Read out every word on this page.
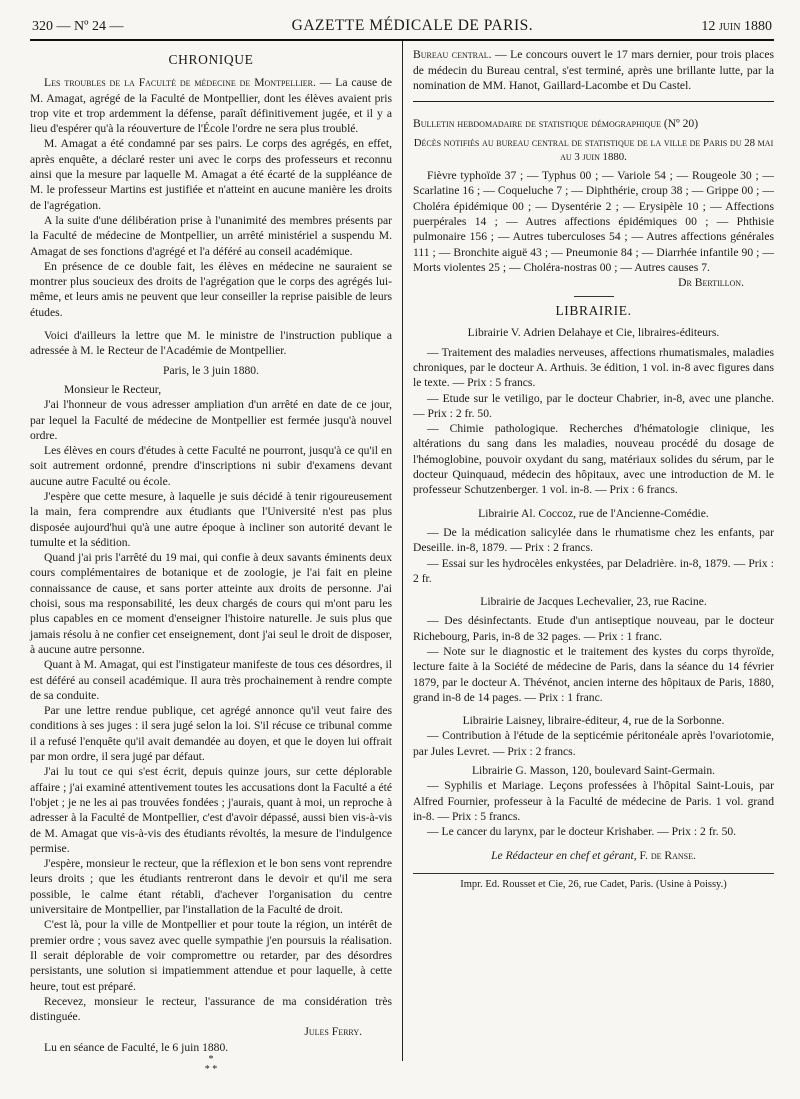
320 — Nº 24 —	GAZETTE MÉDICALE DE PARIS.	12 juin 1880
CHRONIQUE

Les troubles de la Faculté de médecine de Montpellier. — La cause de M. Amagat, agrégé de la Faculté de Montpellier, dont les élèves avaient pris trop vite et trop ardemment la défense, paraît définitivement jugée, et il y a lieu d'espérer qu'à la réouverture de l'École l'ordre ne sera plus troublé.

M. Amagat a été condamné par ses pairs. Le corps des agrégés, en effet, après enquête, a déclaré rester uni avec le corps des professeurs et reconnu ainsi que la mesure par laquelle M. Amagat a été écarté de la suppléance de M. le professeur Martins est justifiée et n'atteint en aucune manière les droits de l'agrégation.

A la suite d'une délibération prise à l'unanimité des membres présents par la Faculté de médecine de Montpellier, un arrêté ministériel a suspendu M. Amagat de ses fonctions d'agrégé et l'a déféré au conseil académique.

En présence de ce double fait, les élèves en médecine ne sauraient se montrer plus soucieux des droits de l'agrégation que le corps des agrégés lui-même, et leurs amis ne peuvent que leur conseiller la reprise paisible de leurs études.

Voici d'ailleurs la lettre que M. le ministre de l'instruction publique a adressée à M. le Recteur de l'Académie de Montpellier.

Paris, le 3 juin 1880.

Monsieur le Recteur,

J'ai l'honneur de vous adresser ampliation d'un arrêté en date de ce jour, par lequel la Faculté de médecine de Montpellier est fermée jusqu'à nouvel ordre.

Les élèves en cours d'études à cette Faculté ne pourront, jusqu'à ce qu'il en soit autrement ordonné, prendre d'inscriptions ni subir d'examens devant aucune autre Faculté ou école.

J'espère que cette mesure, à laquelle je suis décidé à tenir rigoureusement la main, fera comprendre aux étudiants que l'Université n'est pas plus disposée aujourd'hui qu'à une autre époque à incliner son autorité devant le tumulte et la sédition.

Quand j'ai pris l'arrêté du 19 mai, qui confie à deux savants éminents deux cours complémentaires de botanique et de zoologie, je l'ai fait en pleine connaissance de cause, et sans porter atteinte aux droits de personne. J'ai choisi, sous ma responsabilité, les deux chargés de cours qui m'ont paru les plus capables en ce moment d'enseigner l'histoire naturelle. Je suis plus que jamais résolu à ne confier cet enseignement, dont j'ai seul le droit de disposer, à aucune autre personne.

Quant à M. Amagat, qui est l'instigateur manifeste de tous ces désordres, il est déféré au conseil académique. Il aura très prochainement à rendre compte de sa conduite.

Par une lettre rendue publique, cet agrégé annonce qu'il veut faire des conditions à ses juges : il sera jugé selon la loi. S'il récuse ce tribunal comme il a refusé l'enquête qu'il avait demandée au doyen, et que le doyen lui offrait par mon ordre, il sera jugé par défaut.

J'ai lu tout ce qui s'est écrit, depuis quinze jours, sur cette déplorable affaire ; j'ai examiné attentivement toutes les accusations dont la Faculté a été l'objet ; je ne les ai pas trouvées fondées ; j'aurais, quant à moi, un reproche à adresser à la Faculté de Montpellier, c'est d'avoir dépassé, aussi bien vis-à-vis de M. Amagat que vis-à-vis des étudiants révoltés, la mesure de l'indulgence permise.

J'espère, monsieur le recteur, que la réflexion et le bon sens vont reprendre leurs droits ; que les étudiants rentreront dans le devoir et qu'il me sera possible, le calme étant rétabli, d'achever l'organisation du centre universitaire de Montpellier, par l'installation de la Faculté de droit.

C'est là, pour la ville de Montpellier et pour toute la région, un intérêt de premier ordre ; vous savez avec quelle sympathie j'en poursuis la réalisation. Il serait déplorable de voir compromettre ou retarder, par des désordres persistants, une solution si impatiemment attendue et pour laquelle, à cette heure, tout est préparé.

Recevez, monsieur le recteur, l'assurance de ma considération très distinguée.

Jules Ferry.

Lu en séance de Faculté, le 6 juin 1880.

*
* *

Bureau central. — Le concours ouvert le 17 mars dernier, pour trois places de médecin du Bureau central, s'est terminé, après une brillante lutte, par la nomination de MM. Hanot, Gaillard-Lacombe et Du Castel.

Bulletin hebdomadaire de statistique démographique (Nº 20)

Décès notifiés au bureau central de statistique de la ville de Paris du 28 mai au 3 juin 1880.

Fièvre typhoïde 37 ; — Typhus 00 ; — Variole 54 ; — Rougeole 30 ; — Scarlatine 16 ; — Coqueluche 7 ; — Diphthérie, croup 38 ; — Grippe 00 ; — Choléra épidémique 00 ; — Dysentérie 2 ; — Erysipèle 10 ; — Affections puerpérales 14 ; — Autres affections épidémiques 00 ; — Phthisie pulmonaire 156 ; — Autres tuberculoses 54 ; — Autres affections générales 111 ; — Bronchite aiguë 43 ; — Pneumonie 84 ; — Diarrhée infantile 90 ; — Morts violentes 25 ; — Choléra-nostras 00 ; — Autres causes 7.

Dr Bertillon.

LIBRAIRIE.

Librairie V. Adrien Delahaye et Cie, libraires-éditeurs.

— Traitement des maladies nerveuses, affections rhumatismales, maladies chroniques, par le docteur A. Arthuis. 3e édition, 1 vol. in-8 avec figures dans le texte. — Prix : 5 francs.

— Etude sur le vetiligo, par le docteur Chabrier, in-8, avec une planche. — Prix : 2 fr. 50.

— Chimie pathologique. Recherches d'hématologie clinique, les altérations du sang dans les maladies, nouveau procédé du dosage de l'hémoglobine, pouvoir oxydant du sang, matériaux solides du sérum, par le docteur Quinquaud, médecin des hôpitaux, avec une introduction de M. le professeur Schutzenberger. 1 vol. in-8. — Prix : 6 francs.

Librairie Al. Coccoz, rue de l'Ancienne-Comédie.

— De la médication salicylée dans le rhumatisme chez les enfants, par Deseille. in-8, 1879. — Prix : 2 francs.

— Essai sur les hydrocèles enkystées, par Deladrière. in-8, 1879. — Prix : 2 fr.

Librairie de Jacques Lechevalier, 23, rue Racine.

— Des désinfectants. Etude d'un antiseptique nouveau, par le docteur Richebourg, Paris, in-8 de 32 pages. — Prix : 1 franc.

— Note sur le diagnostic et le traitement des kystes du corps thyroïde, lecture faite à la Société de médecine de Paris, dans la séance du 14 février 1879, par le docteur A. Thévénot, ancien interne des hôpitaux de Paris, 1880, grand in-8 de 14 pages. — Prix : 1 franc.

Librairie Laisney, libraire-éditeur, 4, rue de la Sorbonne.

— Contribution à l'étude de la septicémie péritonéale après l'ovariotomie, par Jules Levret. — Prix : 2 francs.

Librairie G. Masson, 120, boulevard Saint-Germain.

— Syphilis et Mariage. Leçons professées à l'hôpital Saint-Louis, par Alfred Fournier, professeur à la Faculté de médecine de Paris. 1 vol. grand in-8. — Prix : 5 francs.

— Le cancer du larynx, par le docteur Krishaber. — Prix : 2 fr. 50.

Le Rédacteur en chef et gérant, F. de Ranse.

Impr. Ed. Rousset et Cie, 26, rue Cadet, Paris. (Usine à Poissy.)
